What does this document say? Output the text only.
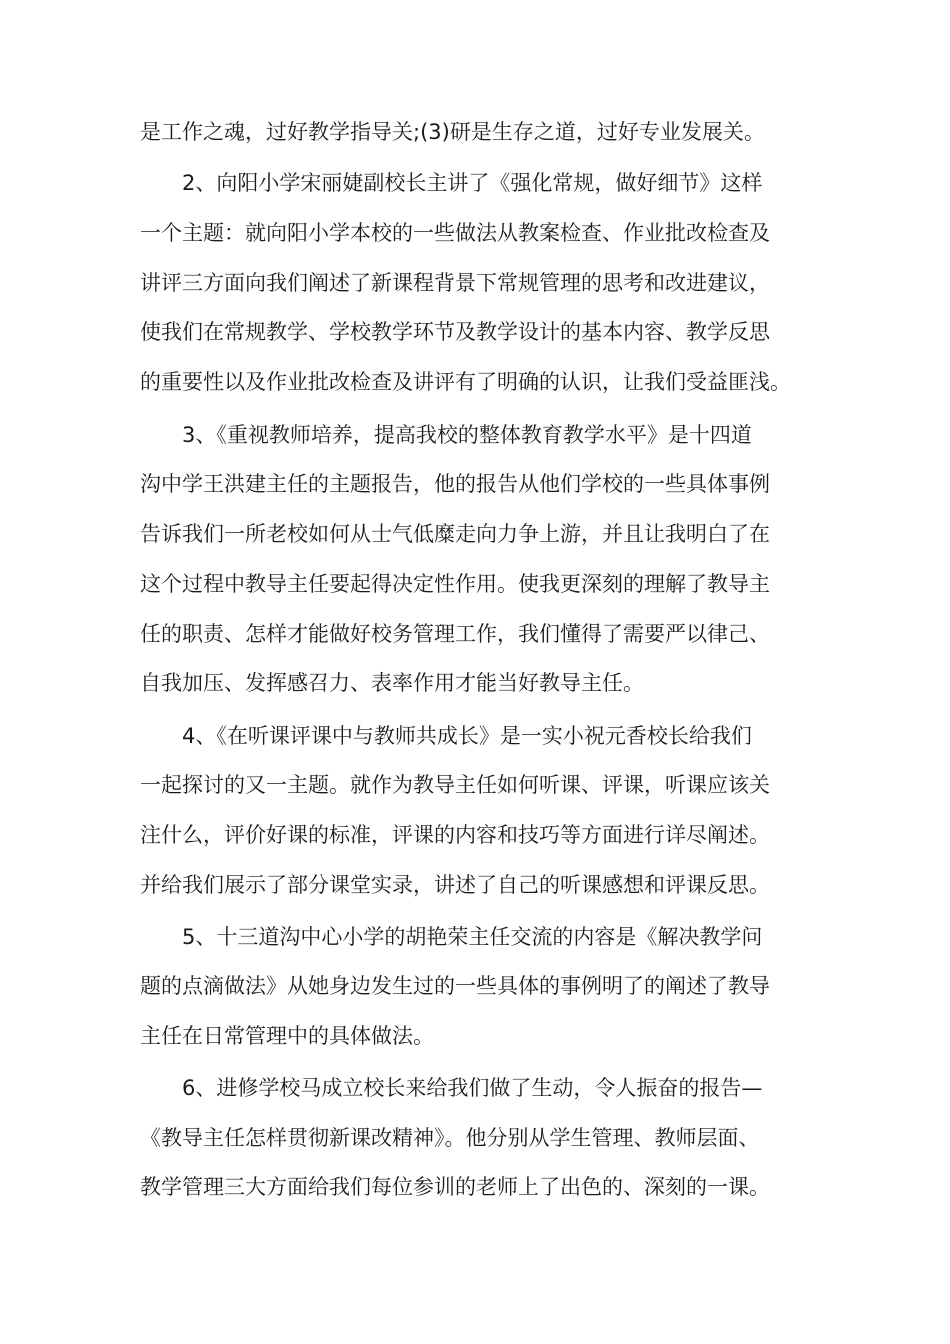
是工作之魂，过好教学指导关;(3)研是生存之道，过好专业发展关。

2、向阳小学宋丽婕副校长主讲了《强化常规，做好细节》这样

一个主题：就向阳小学本校的一些做法从教案检查、作业批改检查及

讲评三方面向我们阐述了新课程背景下常规管理的思考和改进建议，

使我们在常规教学、学校教学环节及教学设计的基本内容、教学反思

的重要性以及作业批改检查及讲评有了明确的认识，让我们受益匪浅。

3、《重视教师培养，提高我校的整体教育教学水平》是十四道

沟中学王洪建主任的主题报告，他的报告从他们学校的一些具体事例

告诉我们一所老校如何从士气低糜走向力争上游，并且让我明白了在

这个过程中教导主任要起得决定性作用。使我更深刻的理解了教导主

任的职责、怎样才能做好校务管理工作，我们懂得了需要严以律己、

自我加压、发挥感召力、表率作用才能当好教导主任。

4、《在听课评课中与教师共成长》是一实小祝元香校长给我们

一起探讨的又一主题。就作为教导主任如何听课、评课，听课应该关

注什么，评价好课的标准，评课的内容和技巧等方面进行详尽阐述。

并给我们展示了部分课堂实录，讲述了自己的听课感想和评课反思。

5、十三道沟中心小学的胡艳荣主任交流的内容是《解决教学问

题的点滴做法》从她身边发生过的一些具体的事例明了的阐述了教导

主任在日常管理中的具体做法。

6、进修学校马成立校长来给我们做了生动，令人振奋的报告—

《教导主任怎样贯彻新课改精神》。他分别从学生管理、教师层面、

教学管理三大方面给我们每位参训的老师上了出色的、深刻的一课。
